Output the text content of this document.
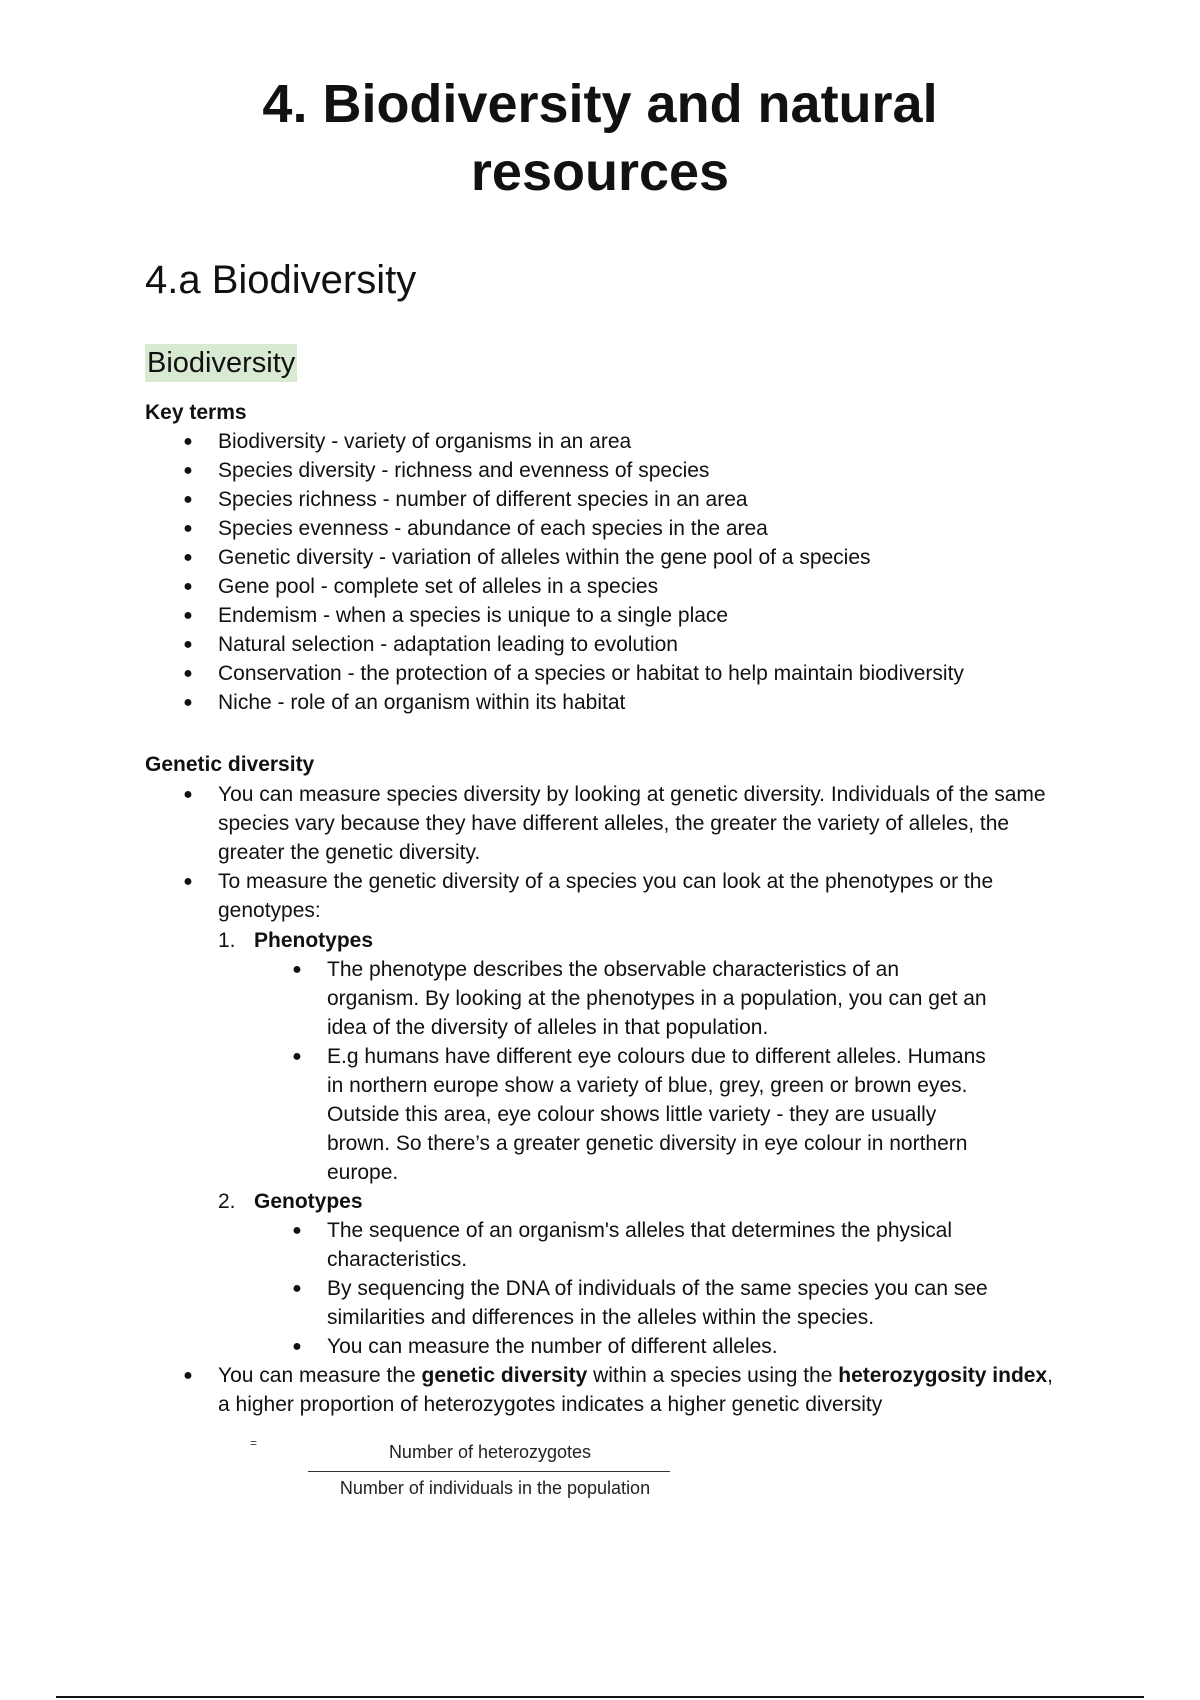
4. Biodiversity and natural resources
4.a Biodiversity
Biodiversity
Key terms
● Biodiversity - variety of organisms in an area
● Species diversity - richness and evenness of species
● Species richness - number of different species in an area
● Species evenness - abundance of each species in the area
● Genetic diversity - variation of alleles within the gene pool of a species
● Gene pool - complete set of alleles in a species
● Endemism - when a species is unique to a single place
● Natural selection - adaptation leading to evolution
● Conservation - the protection of a species or habitat to help maintain biodiversity
● Niche - role of an organism within its habitat
Genetic diversity
● You can measure species diversity by looking at genetic diversity. Individuals of the same species vary because they have different alleles, the greater the variety of alleles, the greater the genetic diversity.
● To measure the genetic diversity of a species you can look at the phenotypes or the genotypes:
1. Phenotypes
● The phenotype describes the observable characteristics of an organism. By looking at the phenotypes in a population, you can get an idea of the diversity of alleles in that population.
● E.g humans have different eye colours due to different alleles. Humans in northern europe show a variety of blue, grey, green or brown eyes. Outside this area, eye colour shows little variety - they are usually brown. So there’s a greater genetic diversity in eye colour in northern europe.
2. Genotypes
● The sequence of an organism's alleles that determines the physical characteristics.
● By sequencing the DNA of individuals of the same species you can see similarities and differences in the alleles within the species.
● You can measure the number of different alleles.
● You can measure the genetic diversity within a species using the heterozygosity index, a higher proportion of heterozygotes indicates a higher genetic diversity
=	Number of heterozygotes
Number of individuals in the population
